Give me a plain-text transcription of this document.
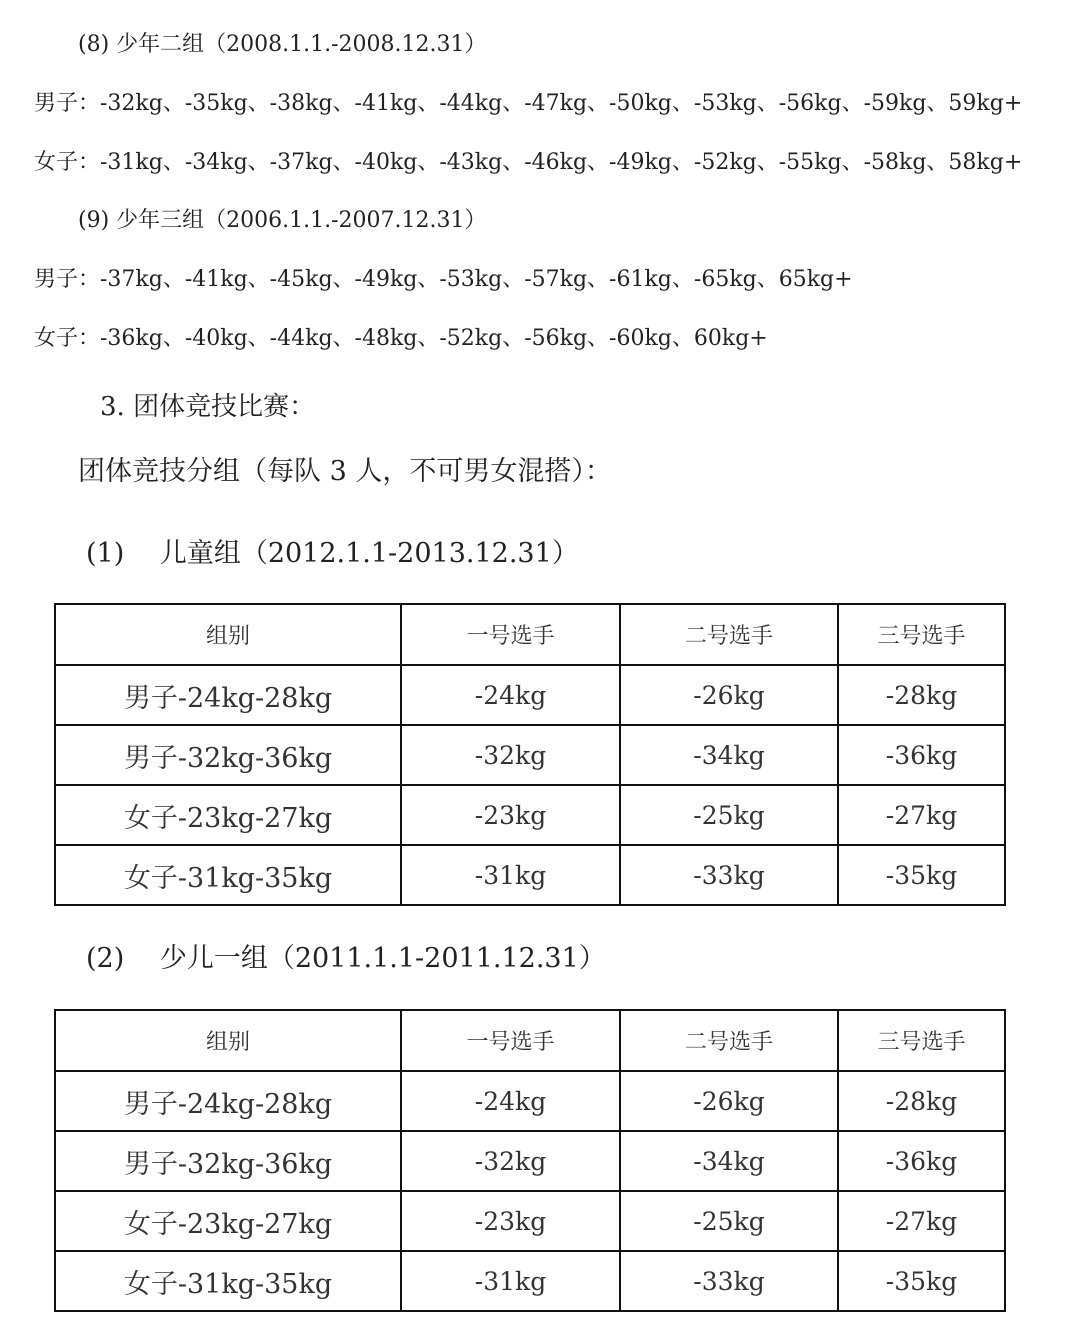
(8) 少年二组（2008.1.1.-2008.12.31）
男子：-32kg、-35kg、-38kg、-41kg、-44kg、-47kg、-50kg、-53kg、-56kg、-59kg、59kg+
女子：-31kg、-34kg、-37kg、-40kg、-43kg、-46kg、-49kg、-52kg、-55kg、-58kg、58kg+
(9) 少年三组（2006.1.1.-2007.12.31）
男子：-37kg、-41kg、-45kg、-49kg、-53kg、-57kg、-61kg、-65kg、65kg+
女子：-36kg、-40kg、-44kg、-48kg、-52kg、-56kg、-60kg、60kg+
3. 团体竞技比赛：
团体竞技分组（每队 3 人，不可男女混搭）：
(1)　 儿童组（2012.1.1-2013.12.31）
组别	一号选手	二号选手	三号选手
男子-24kg-28kg	-24kg	-26kg	-28kg
男子-32kg-36kg	-32kg	-34kg	-36kg
女子-23kg-27kg	-23kg	-25kg	-27kg
女子-31kg-35kg	-31kg	-33kg	-35kg
(2)　 少儿一组（2011.1.1-2011.12.31）
组别	一号选手	二号选手	三号选手
男子-24kg-28kg	-24kg	-26kg	-28kg
男子-32kg-36kg	-32kg	-34kg	-36kg
女子-23kg-27kg	-23kg	-25kg	-27kg
女子-31kg-35kg	-31kg	-33kg	-35kg
